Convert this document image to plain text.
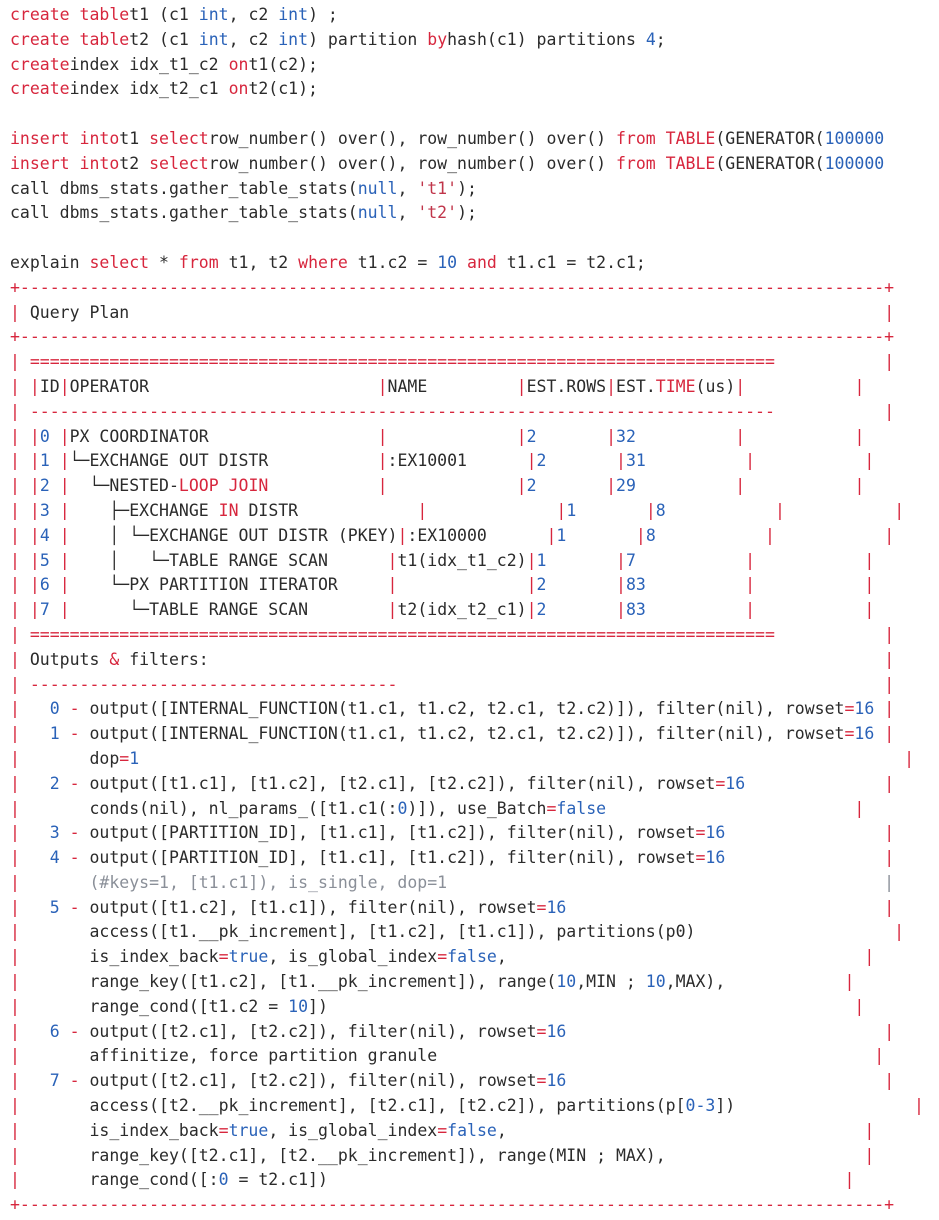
create tablet1 (c1 int, c2 int) ;
create tablet2 (c1 int, c2 int) partition byhash(c1) partitions 4;
createindex idx_t1_c2 ont1(c2);
createindex idx_t2_c1 ont2(c1);
insert intot1 selectrow_number() over(), row_number() over() from TABLE(GENERATOR(100000
insert intot2 selectrow_number() over(), row_number() over() from TABLE(GENERATOR(100000
call dbms_stats.gather_table_stats(null, 't1');
call dbms_stats.gather_table_stats(null, 't2');
explain select * from t1, t2 where t1.c2 = 10 and t1.c1 = t2.c1;
+---------------------------------------------------------------------------------------+
| Query Plan                                                                            |
+---------------------------------------------------------------------------------------+
| ===========================================================================	|
| |ID|OPERATOR                       |NAME         |EST.ROWS|EST.TIME(us)|	|
| ---------------------------------------------------------------------------	|
| |0 |PX COORDINATOR                 |	|2	|32	|	|
| |1 |└─EXCHANGE OUT DISTR           |:EX10001      |2	|31	|	|
| |2 |  └─NESTED-LOOP JOIN	|	|2	|29	|	|
| |3 |    ├─EXCHANGE IN DISTR            |	|1	|8	|	|
| |4 |    │ └─EXCHANGE OUT DISTR (PKEY)|:EX10000      |1	|8	|	|
| |5 |    │   └─TABLE RANGE SCAN      |t1(idx_t1_c2)|1	|7	|	|
| |6 |    └─PX PARTITION ITERATOR     |	|2	|83	|	|
| |7 |      └─TABLE RANGE SCAN        |t2(idx_t2_c1)|2	|83	|	|
| ===========================================================================	|
| Outputs & filters:                                                                    |
| -------------------------------------	|
| 0 - output([INTERNAL_FUNCTION(t1.c1, t1.c2, t2.c1, t2.c2)]), filter(nil), rowset=16 |
| 1 - output([INTERNAL_FUNCTION(t1.c1, t1.c2, t2.c1, t2.c2)]), filter(nil), rowset=16 |
|       dop=1	|
| 2 - output([t1.c1], [t1.c2], [t2.c1], [t2.c2]), filter(nil), rowset=16	|
|       conds(nil), nl_params_([t1.c1(:0)]), use_Batch=false	|
| 3 - output([PARTITION_ID], [t1.c1], [t1.c2]), filter(nil), rowset=16	|
| 4 - output([PARTITION_ID], [t1.c1], [t1.c2]), filter(nil), rowset=16	|
|       (#keys=1, [t1.c1]), is_single, dop=1                                            |
| 5 - output([t1.c2], [t1.c1]), filter(nil), rowset=16	|
|       access([t1.__pk_increment], [t1.c2], [t1.c1]), partitions(p0)                    |
|       is_index_back=true, is_global_index=false,                                    |
|       range_key([t1.c2], [t1.__pk_increment]), range(10,MIN ; 10,MAX),            |
|       range_cond([t1.c2 = 10])                                                     |
| 6 - output([t2.c1], [t2.c2]), filter(nil), rowset=16	|
|       affinitize, force partition granule                                            |
| 7 - output([t2.c1], [t2.c2]), filter(nil), rowset=16	|
|       access([t2.__pk_increment], [t2.c1], [t2.c2]), partitions(p[0-3])                  |
|       is_index_back=true, is_global_index=false,                                    |
|       range_key([t2.c1], [t2.__pk_increment]), range(MIN ; MAX),                    |
|       range_cond([:0 = t2.c1])                                                    |
+---------------------------------------------------------------------------------------+
